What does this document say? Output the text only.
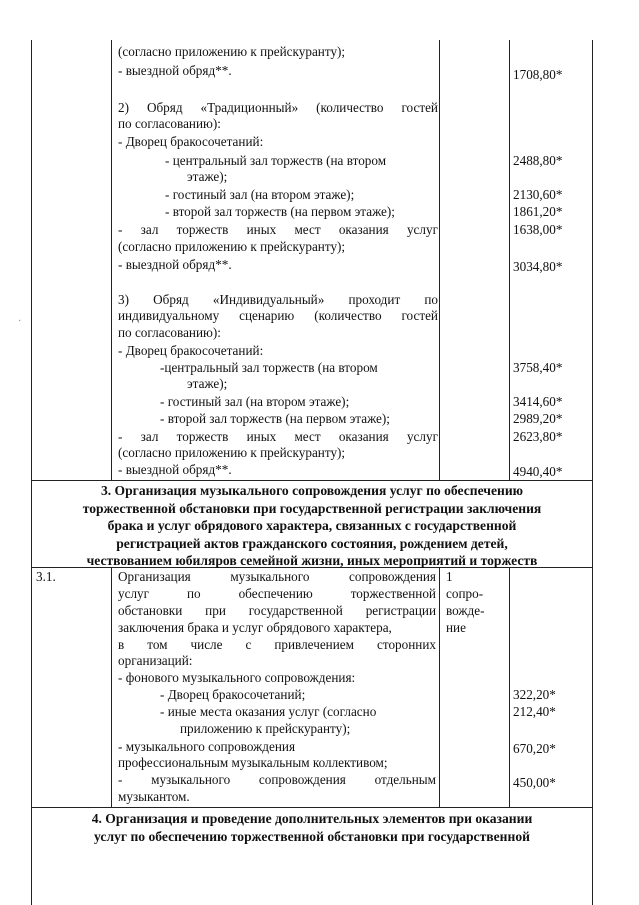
·
(согласно приложению к прейскуранту);
- выездной обряд**.	1708,80*
2) Обряд «Традиционный» (количество гостей
по согласованию):
- Дворец бракосочетаний:
- центральный зал торжеств (на втором
этаже);
- гостиный зал (на втором этаже);
- второй зал торжеств (на первом этаже);
- зал торжеств иных мест оказания услуг
(согласно приложению к прейскуранту);
- выездной обряд**.
2488,80*
2130,60*
1861,20*
1638,00*
3034,80*
3) Обряд «Индивидуальный» проходит по
индивидуальному сценарию (количество гостей
по согласованию):
- Дворец бракосочетаний:
-центральный зал торжеств (на втором
этаже);
- гостиный зал (на втором этаже);
- второй зал торжеств (на первом этаже);
- зал торжеств иных мест оказания услуг
(согласно приложению к прейскуранту);
- выездной обряд**.
3758,40*
3414,60*
2989,20*
2623,80*
4940,40*
3. Организация музыкального сопровождения услуг по обеспечению
торжественной обстановки при государственной регистрации заключения
брака и услуг обрядового характера, связанных с государственной
регистрацией актов гражданского состояния, рождением детей,
чествованием юбиляров семейной жизни, иных мероприятий и торжеств
3.1.	Организация музыкального сопровождения
услуг по обеспечению торжественной
обстановки при государственной регистрации
заключения брака и услуг обрядового характера,
в том числе с привлечением сторонних
организаций:
- фонового музыкального сопровождения:
- Дворец бракосочетаний;
- иные места оказания услуг (согласно
приложению к прейскуранту);
- музыкального сопровождения
профессиональным музыкальным коллективом;
- музыкального сопровождения отдельным
музыкантом.
1
сопро-
вожде-
ние
322,20*
212,40*
670,20*
450,00*
4. Организация и проведение дополнительных элементов при оказании
услуг по обеспечению торжественной обстановки при государственной
